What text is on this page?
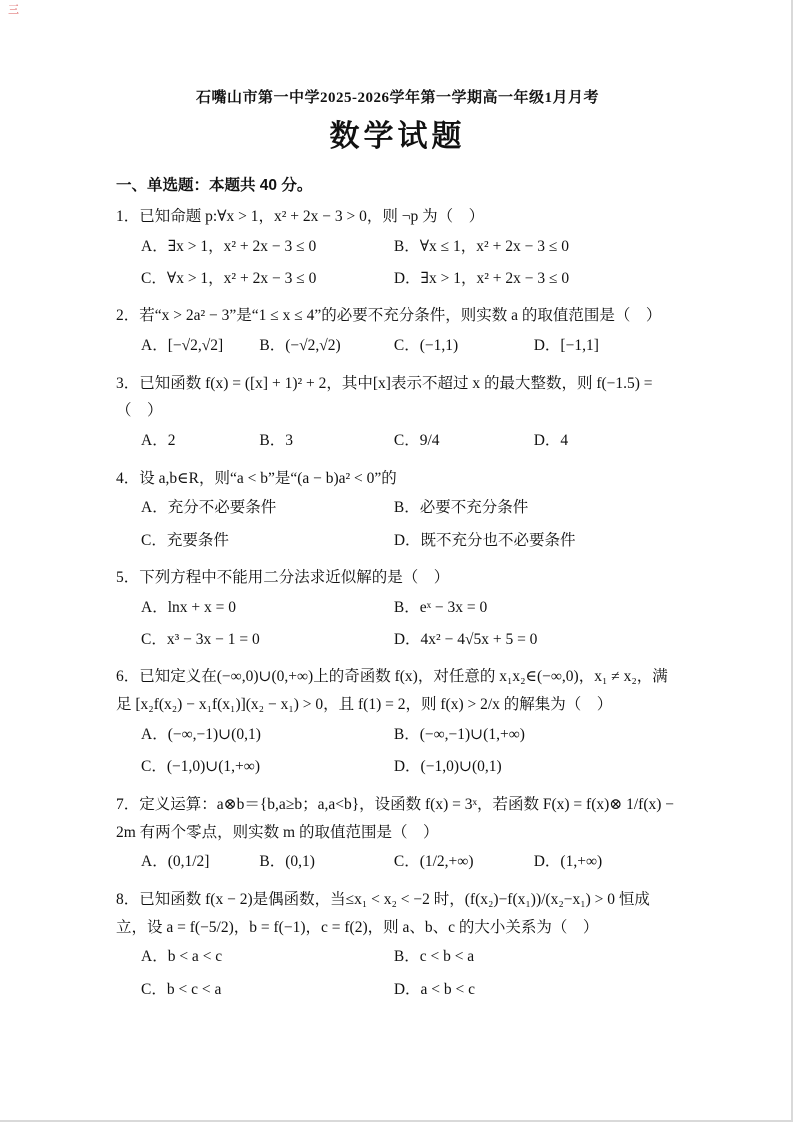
三
石嘴山市第一中学2025-2026学年第一学期高一年级1月月考
数学试题
一、单选题：本题共 40 分。
1．已知命题 p:∀x > 1，x² + 2x − 3 > 0，则 ¬p 为（　）
A．∃x > 1，x² + 2x − 3 ≤ 0	B．∀x ≤ 1，x² + 2x − 3 ≤ 0
C．∀x > 1，x² + 2x − 3 ≤ 0	D．∃x > 1，x² + 2x − 3 ≤ 0
2．若“x > 2a² − 3”是“1 ≤ x ≤ 4”的必要不充分条件，则实数 a 的取值范围是（　）
A．[−√2,√2]	B．(−√2,√2)	C．(−1,1)	D．[−1,1]
3．已知函数 f(x) = ([x] + 1)² + 2，其中[x]表示不超过 x 的最大整数，则 f(−1.5) =（　）
A．2	B．3	C．9/4	D．4
4．设 a,b∈R，则“a < b”是“(a − b)a² < 0”的
A．充分不必要条件	B．必要不充分条件
C．充要条件	D．既不充分也不必要条件
5．下列方程中不能用二分法求近似解的是（　）
A．lnx + x = 0	B．eˣ − 3x = 0
C．x³ − 3x − 1 = 0	D．4x² − 4√5x + 5 = 0
6．已知定义在(−∞,0)∪(0,+∞)上的奇函数 f(x)，对任意的 x₁x₂∈(−∞,0)，x₁ ≠ x₂，满足 [x₂f(x₂) − x₁f(x₁)](x₂ − x₁) > 0，且 f(1) = 2，则 f(x) > 2/x 的解集为（　）
A．(−∞,−1)∪(0,1)	B．(−∞,−1)∪(1,+∞)
C．(−1,0)∪(1,+∞)	D．(−1,0)∪(0,1)
7．定义运算：a⊗b＝{b,a≥b；a,a<b}，设函数 f(x) = 3ˣ，若函数 F(x) = f(x)⊗ 1/f(x) − 2m 有两个零点，则实数 m 的取值范围是（　）
A．(0,1/2]	B．(0,1)	C．(1/2,+∞)	D．(1,+∞)
8．已知函数 f(x − 2)是偶函数，当≤x₁ < x₂ < −2 时，(f(x₂)−f(x₁))/(x₂−x₁) > 0 恒成立，设 a = f(−5/2)，b = f(−1)，c = f(2)，则 a、b、c 的大小关系为（　）
A．b < a < c	B．c < b < a
C．b < c < a	D．a < b < c
